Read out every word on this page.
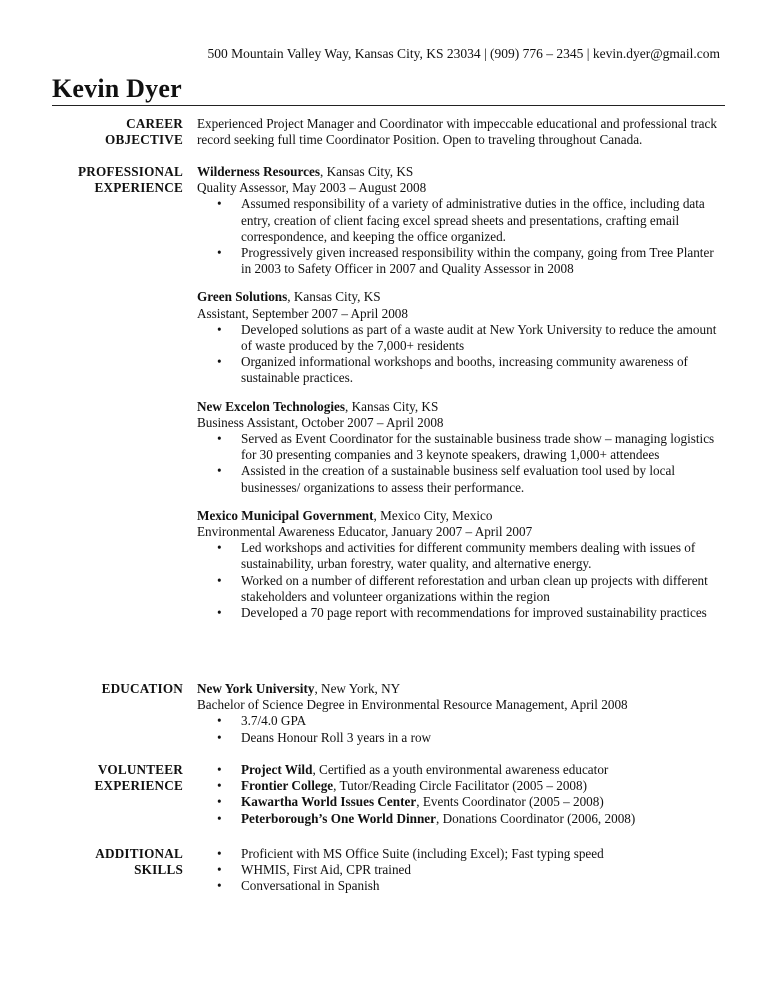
500 Mountain Valley Way, Kansas City, KS 23034 | (909) 776 – 2345 | kevin.dyer@gmail.com
Kevin Dyer
CAREER
OBJECTIVE

Experienced Project Manager and Coordinator with impeccable educational and professional track record seeking full time Coordinator Position. Open to traveling throughout Canada.

PROFESSIONAL
EXPERIENCE

Wilderness Resources, Kansas City, KS

Quality Assessor, May 2003 – August 2008

• Assumed responsibility of a variety of administrative duties in the office, including data entry, creation of client facing excel spread sheets and presentations, crafting email correspondence, and keeping the office organized.
• Progressively given increased responsibility within the company, going from Tree Planter in 2003 to Safety Officer in 2007 and Quality Assessor in 2008

Green Solutions, Kansas City, KS

Assistant, September 2007 – April 2008

• Developed solutions as part of a waste audit at New York University to reduce the amount of waste produced by the 7,000+ residents
• Organized informational workshops and booths, increasing community awareness of sustainable practices.

New Excelon Technologies, Kansas City, KS

Business Assistant, October 2007 – April 2008

• Served as Event Coordinator for the sustainable business trade show – managing logistics for 30 presenting companies and 3 keynote speakers, drawing 1,000+ attendees
• Assisted in the creation of a sustainable business self evaluation tool used by local businesses/ organizations to assess their performance.

Mexico Municipal Government, Mexico City, Mexico

Environmental Awareness Educator, January 2007 – April 2007

• Led workshops and activities for different community members dealing with issues of sustainability, urban forestry, water quality, and alternative energy.
• Worked on a number of different reforestation and urban clean up projects with different stakeholders and volunteer organizations within the region
• Developed a 70 page report with recommendations for improved sustainability practices
EDUCATION New York University, New York, NY

Bachelor of Science Degree in Environmental Resource Management, April 2008

• 3.7/4.0 GPA
• Deans Honour Roll 3 years in a row
VOLUNTEER
EXPERIENCE
• Project Wild, Certified as a youth environmental awareness educator
• Frontier College, Tutor/Reading Circle Facilitator (2005 – 2008)
• Kawartha World Issues Center, Events Coordinator (2005 – 2008)
• Peterborough’s One World Dinner, Donations Coordinator (2006, 2008)
ADDITIONAL
SKILLS
• Proficient with MS Office Suite (including Excel); Fast typing speed
• WHMIS, First Aid, CPR trained
• Conversational in Spanish
